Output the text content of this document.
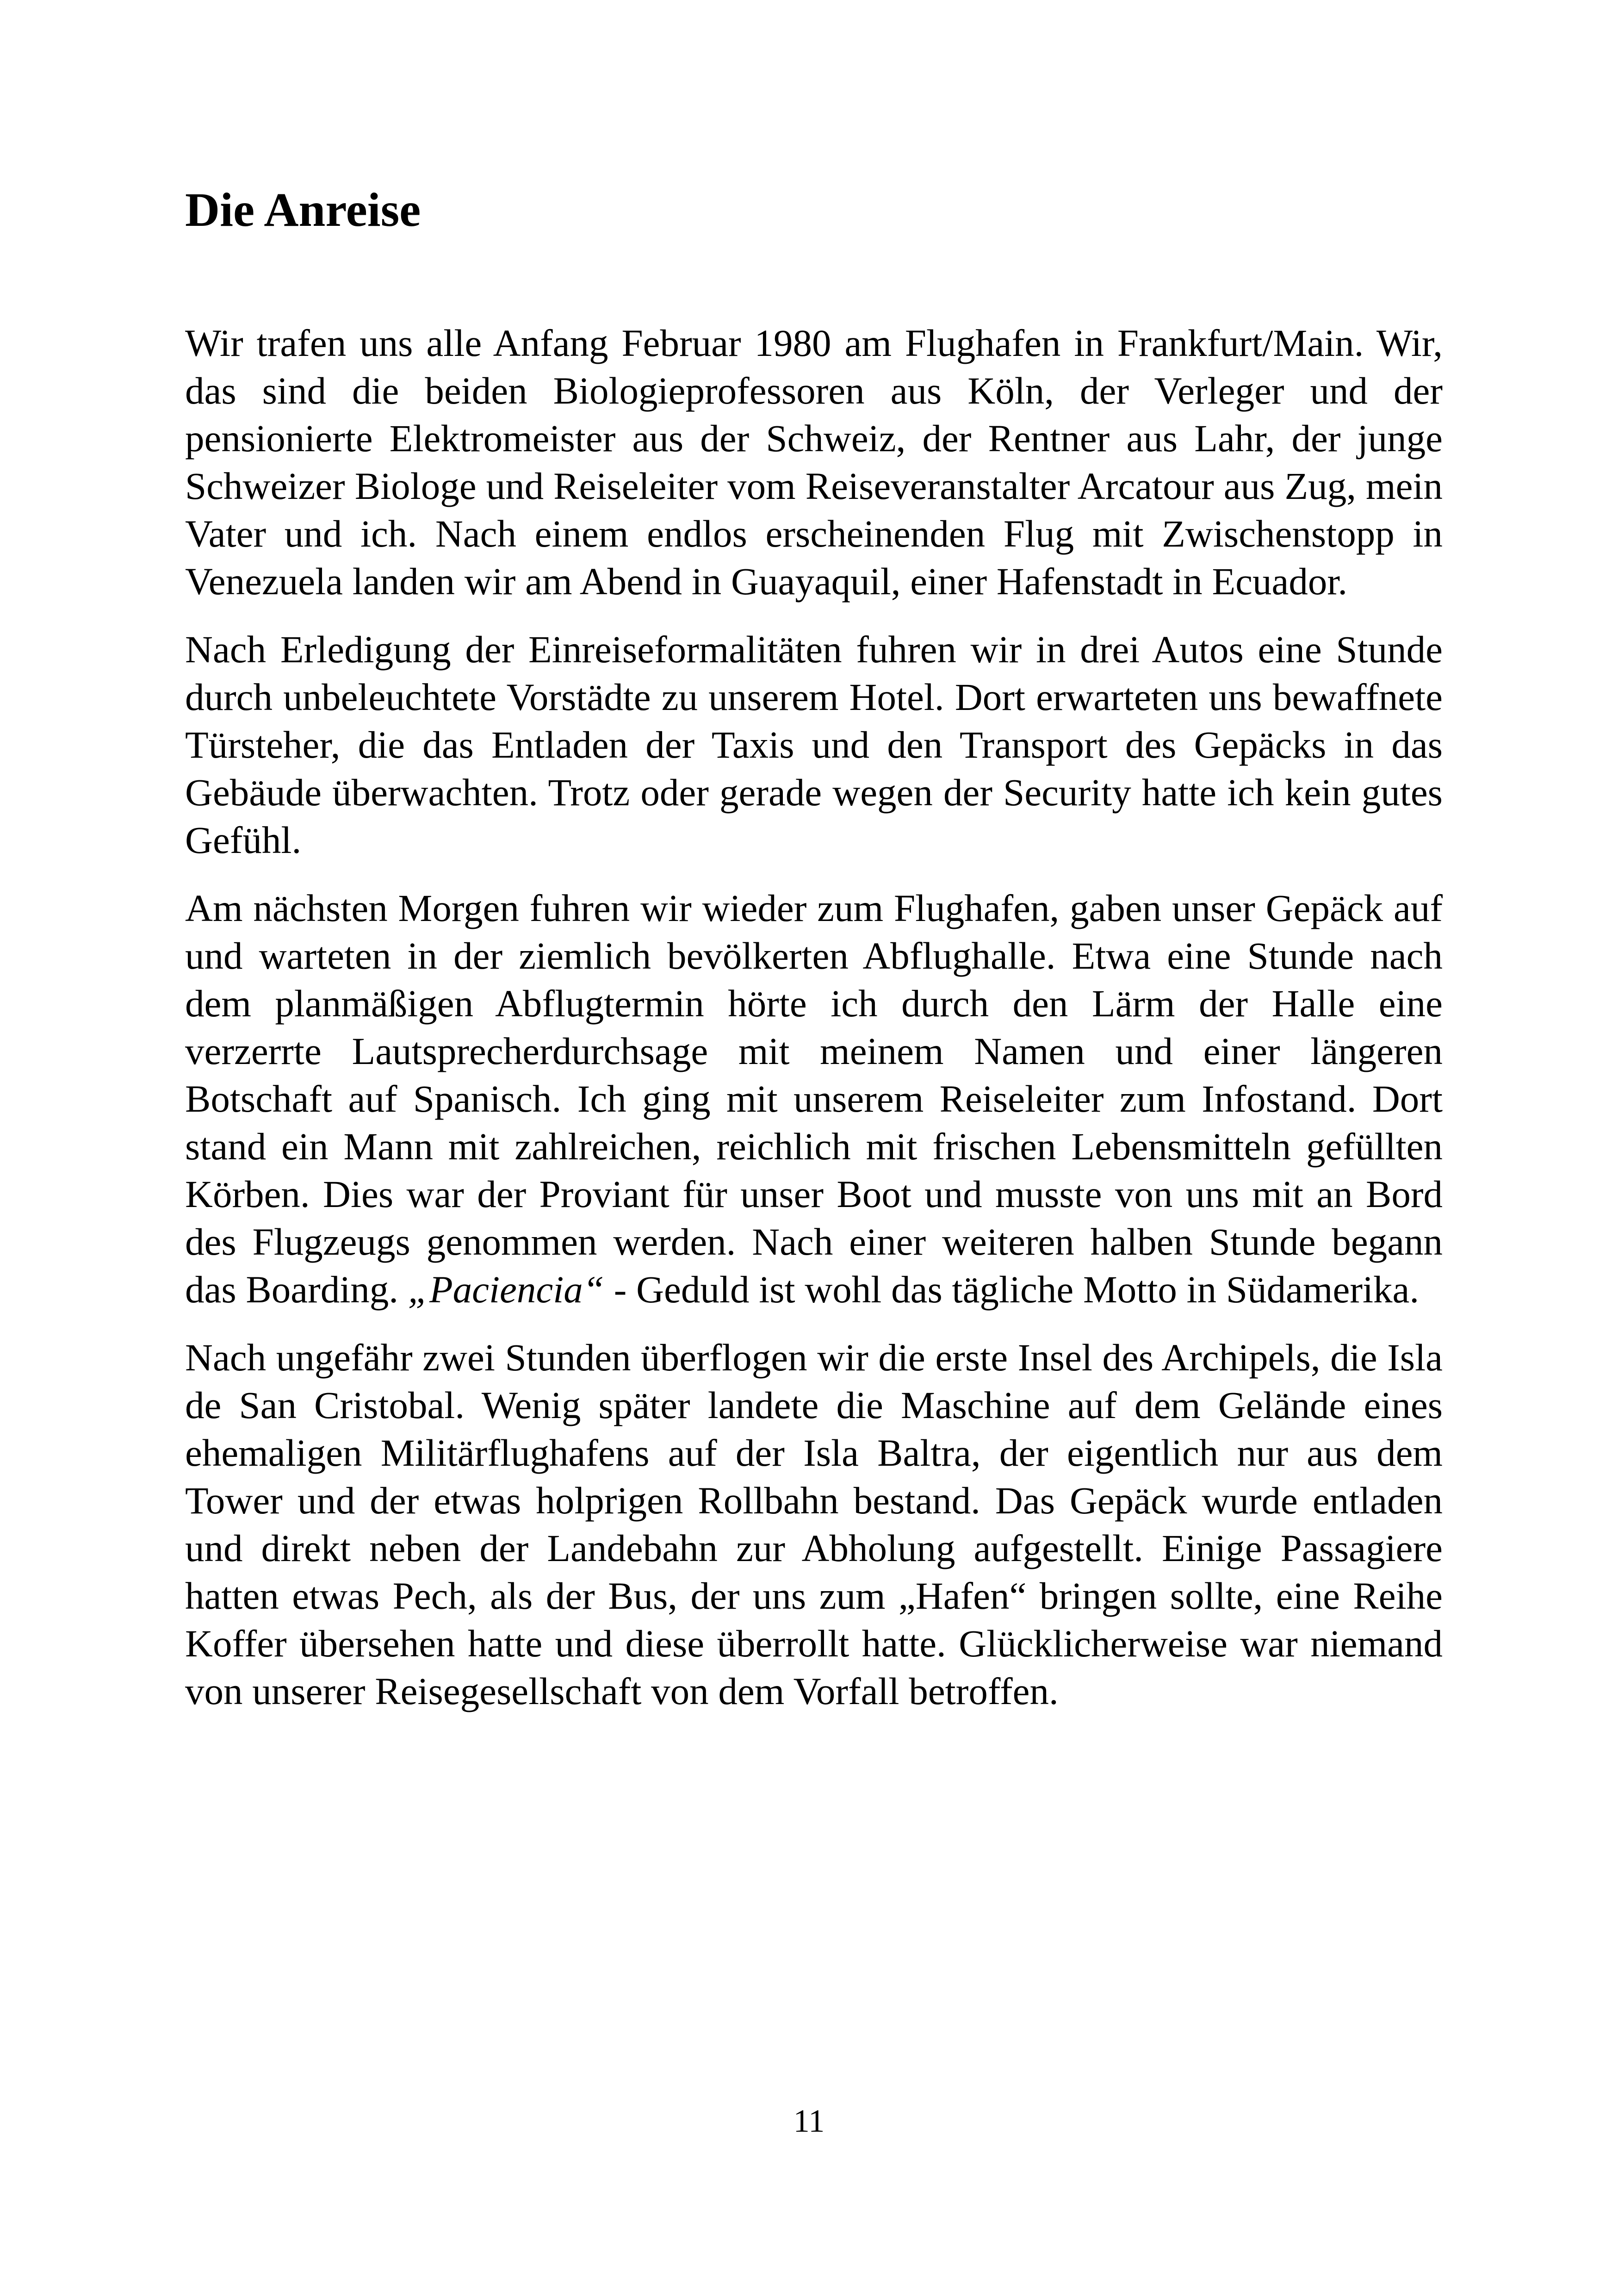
Die Anreise

Wir trafen uns alle Anfang Februar 1980 am Flughafen in Frankfurt/Main. Wir, das sind die beiden Biologieprofessoren aus Köln, der Verleger und der pensionierte Elektromeister aus der Schweiz, der Rentner aus Lahr, der junge Schweizer Biologe und Reiseleiter vom Reiseveranstalter Arcatour aus Zug, mein Vater und ich. Nach einem endlos erscheinenden Flug mit Zwischenstopp in Venezuela landen wir am Abend in Guayaquil, einer Hafenstadt in Ecuador.

Nach Erledigung der Einreiseformalitäten fuhren wir in drei Autos eine Stunde durch unbeleuchtete Vorstädte zu unserem Hotel. Dort erwarteten uns bewaffnete Türsteher, die das Entladen der Taxis und den Transport des Gepäcks in das Gebäude überwachten. Trotz oder gerade wegen der Security hatte ich kein gutes Gefühl.

Am nächsten Morgen fuhren wir wieder zum Flughafen, gaben unser Gepäck auf und warteten in der ziemlich bevölkerten Abflughalle. Etwa eine Stunde nach dem planmäßigen Abflugtermin hörte ich durch den Lärm der Halle eine verzerrte Lautsprecherdurchsage mit meinem Namen und einer längeren Botschaft auf Spanisch. Ich ging mit unserem Reiseleiter zum Infostand. Dort stand ein Mann mit zahlreichen, reichlich mit frischen Lebensmitteln gefüllten Körben. Dies war der Proviant für unser Boot und musste von uns mit an Bord des Flugzeugs genommen werden. Nach einer weiteren halben Stunde begann das Boarding. „Paciencia“ - Geduld ist wohl das tägliche Motto in Südamerika.

Nach ungefähr zwei Stunden überflogen wir die erste Insel des Archipels, die Isla de San Cristobal. Wenig später landete die Maschine auf dem Gelände eines ehemaligen Militärflughafens auf der Isla Baltra, der eigentlich nur aus dem Tower und der etwas holprigen Rollbahn bestand. Das Gepäck wurde entladen und direkt neben der Landebahn zur Abholung aufgestellt. Einige Passagiere hatten etwas Pech, als der Bus, der uns zum „Hafen“ bringen sollte, eine Reihe Koffer übersehen hatte und diese überrollt hatte. Glücklicherweise war niemand von unserer Reisegesellschaft von dem Vorfall betroffen.

11
